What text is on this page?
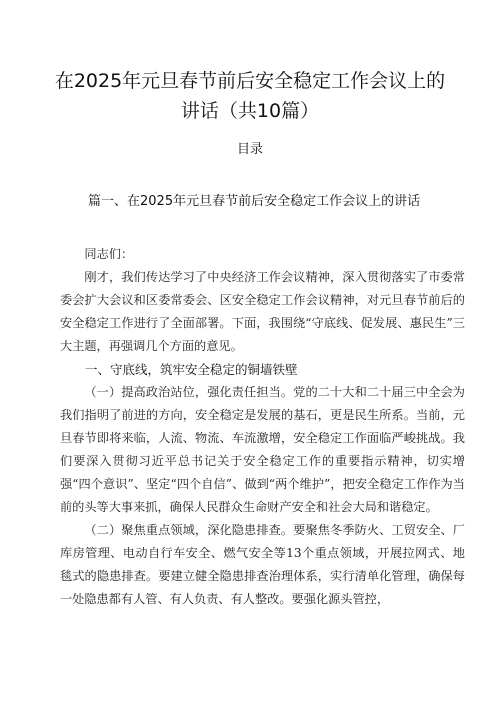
在2025年元旦春节前后安全稳定工作会议上的
讲话（共10篇）
目录
篇一、在2025年元旦春节前后安全稳定工作会议上的讲话

同志们：

刚才，我们传达学习了中央经济工作会议精神，深入贯彻落实了市委常委会扩大会议和区委常委会、区安全稳定工作会议精神，对元旦春节前后的安全稳定工作进行了全面部署。下面，我围绕“守底线、促发展、惠民生”三大主题，再强调几个方面的意见。

一、守底线，筑牢安全稳定的铜墙铁壁

（一）提高政治站位，强化责任担当。党的二十大和二十届三中全会为我们指明了前进的方向，安全稳定是发展的基石，更是民生所系。当前，元旦春节即将来临，人流、物流、车流激增，安全稳定工作面临严峻挑战。我们要深入贯彻习近平总书记关于安全稳定工作的重要指示精神，切实增强“四个意识”、坚定“四个自信”、做到“两个维护”，把安全稳定工作作为当前的头等大事来抓，确保人民群众生命财产安全和社会大局和谐稳定。

（二）聚焦重点领域，深化隐患排查。要聚焦冬季防火、工贸安全、厂库房管理、电动自行车安全、燃气安全等13个重点领域，开展拉网式、地毯式的隐患排查。要建立健全隐患排查治理体系，实行清单化管理，确保每一处隐患都有人管、有人负责、有人整改。要强化源头管控，
